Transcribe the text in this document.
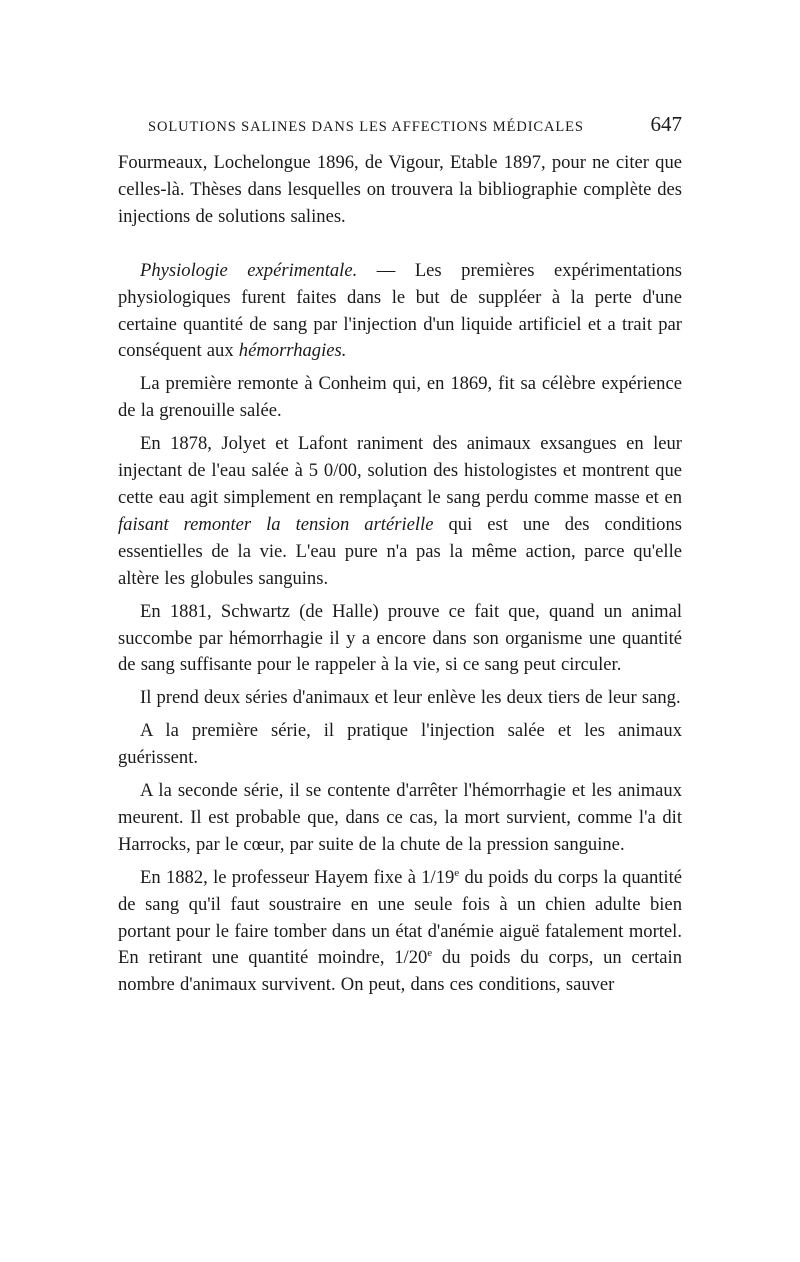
SOLUTIONS SALINES DANS LES AFFECTIONS MÉDICALES	647

Fourmeaux, Lochelongue 1896, de Vigour, Etable 1897, pour ne citer que celles-là. Thèses dans lesquelles on trouvera la bibliographie complète des injections de solutions salines.

Physiologie expérimentale. — Les premières expérimentations physiologiques furent faites dans le but de suppléer à la perte d'une certaine quantité de sang par l'injection d'un liquide artificiel et a trait par conséquent aux hémorrhagies.

La première remonte à Conheim qui, en 1869, fit sa célèbre expérience de la grenouille salée.

En 1878, Jolyet et Lafont raniment des animaux exsangues en leur injectant de l'eau salée à 5 0/00, solution des histologistes et montrent que cette eau agit simplement en remplaçant le sang perdu comme masse et en faisant remonter la tension artérielle qui est une des conditions essentielles de la vie. L'eau pure n'a pas la même action, parce qu'elle altère les globules sanguins.

En 1881, Schwartz (de Halle) prouve ce fait que, quand un animal succombe par hémorrhagie il y a encore dans son organisme une quantité de sang suffisante pour le rappeler à la vie, si ce sang peut circuler.

Il prend deux séries d'animaux et leur enlève les deux tiers de leur sang.

A la première série, il pratique l'injection salée et les animaux guérissent.

A la seconde série, il se contente d'arrêter l'hémorrhagie et les animaux meurent. Il est probable que, dans ce cas, la mort survient, comme l'a dit Harrocks, par le cœur, par suite de la chute de la pression sanguine.

En 1882, le professeur Hayem fixe à 1/19e du poids du corps la quantité de sang qu'il faut soustraire en une seule fois à un chien adulte bien portant pour le faire tomber dans un état d'anémie aiguë fatalement mortel. En retirant une quantité moindre, 1/20e du poids du corps, un certain nombre d'animaux survivent. On peut, dans ces conditions, sauver
